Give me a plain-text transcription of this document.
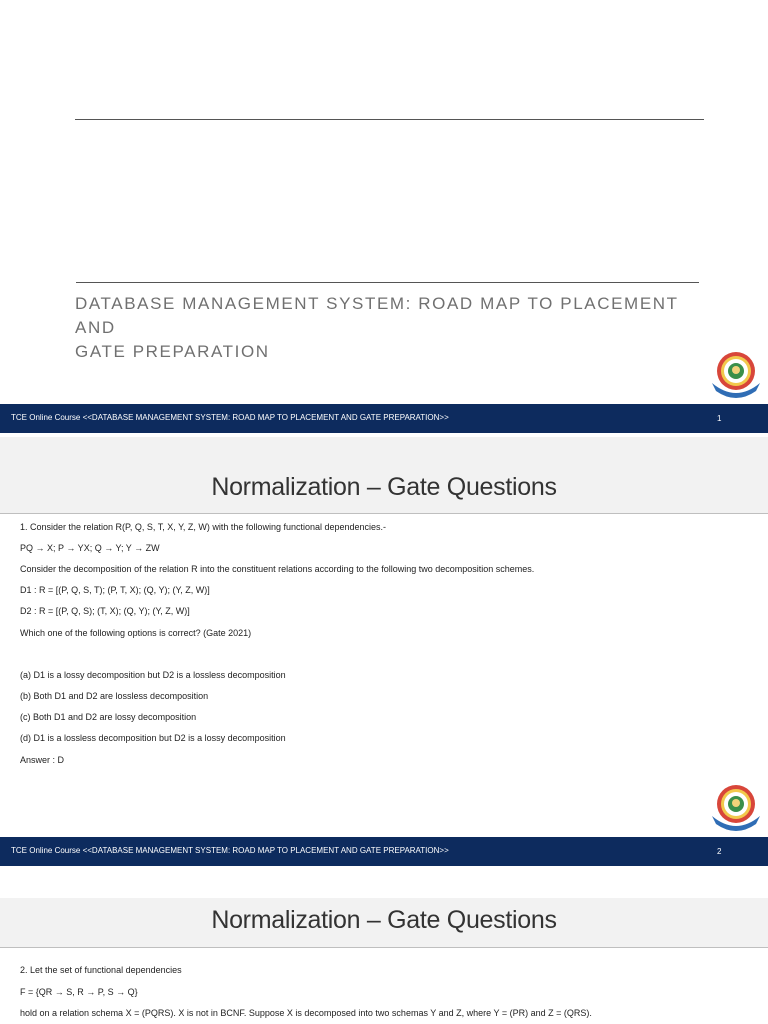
DATABASE MANAGEMENT SYSTEM: ROAD MAP TO PLACEMENT AND
GATE PREPARATION
TCE Online Course <<DATABASE MANAGEMENT SYSTEM: ROAD MAP TO PLACEMENT AND GATE PREPARATION>>	1
Normalization – Gate Questions
1. Consider the relation R(P, Q, S, T, X, Y, Z, W) with the following functional dependencies.-
PQ → X; P → YX; Q → Y; Y → ZW
Consider the decomposition of the relation R into the constituent relations according to the following two decomposition schemes.
D1 : R = [(P, Q, S, T); (P, T, X); (Q, Y); (Y, Z, W)]
D2 : R = [(P, Q, S); (T, X); (Q, Y); (Y, Z, W)]
Which one of the following options is correct? (Gate 2021)
(a) D1 is a lossy decomposition but D2 is a lossless decomposition
(b) Both D1 and D2 are lossless decomposition
(c) Both D1 and D2 are lossy decomposition
(d) D1 is a lossless decomposition but D2 is a lossy decomposition
Answer : D
TCE Online Course <<DATABASE MANAGEMENT SYSTEM: ROAD MAP TO PLACEMENT AND GATE PREPARATION>>	2
Normalization – Gate Questions
2. Let the set of functional dependencies
F = {QR → S, R → P, S → Q}
hold on a relation schema X = (PQRS). X is not in BCNF. Suppose X is decomposed into two schemas Y and Z, where Y = (PR) and Z = (QRS).
